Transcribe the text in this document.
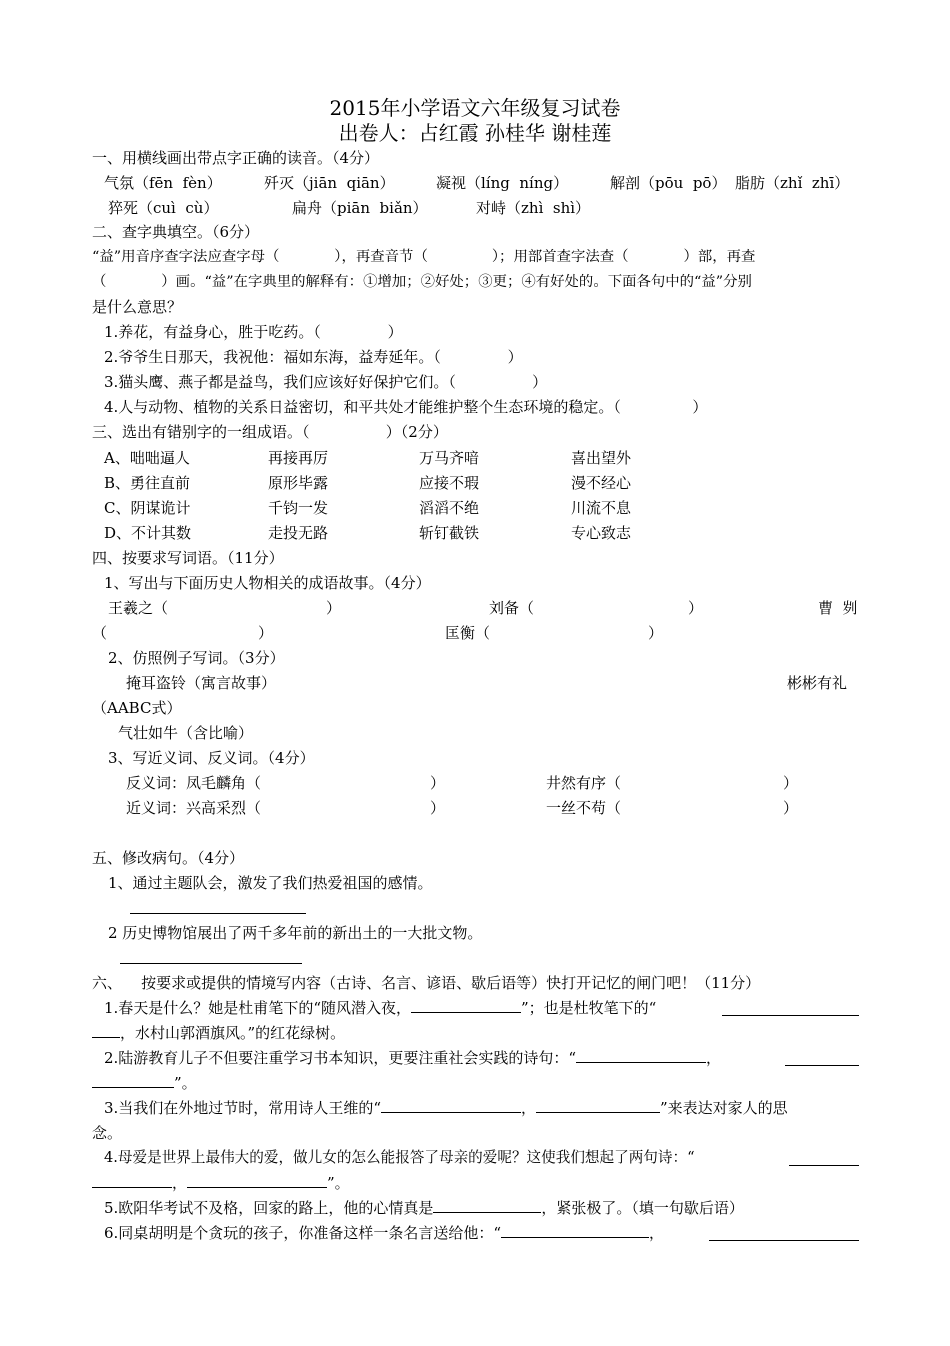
2015年小学语文六年级复习试卷
出卷人：占红霞 孙桂华 谢桂莲
一、用横线画出带点字正确的读音。（4分）
气氛（fēn  fèn）	歼灭（jiān  qiān）	凝视（líng  níng）	解剖（pōu  pō） 脂肪（zhǐ  zhī）
猝死（cuì  cù）	扁舟（piān  biǎn）	对峙（zhì  shì）
二、查字典填空。（6分）
“益”用音序查字法应查字母（            ），再查音节（              ）；用部首查字法查（            ）部，再查
（            ）画。“益”在字典里的解释有：①增加；②好处；③更；④有好处的。下面各句中的“益”分别
是什么意思？
1.养花，有益身心，胜于吃药。（              ）
2.爷爷生日那天，我祝他：福如东海，益寿延年。（              ）
3.猫头鹰、燕子都是益鸟，我们应该好好保护它们。（                ）
4.人与动物、植物的关系日益密切，和平共处才能维护整个生态环境的稳定。（               ）
三、选出有错别字的一组成语。（                ）（2分）
A、咄咄逼人	再接再厉	万马齐喑	喜出望外
B、勇往直前	原形毕露	应接不瑕	漫不经心
C、阴谋诡计	千钧一发	滔滔不绝	川流不息
D、不计其数	走投无路	斩钉截铁	专心致志
四、按要求写词语。（11分）
1、写出与下面历史人物相关的成语故事。（4分）
王羲之（	）	刘备（	）	曹  刿
（	）	匡衡（	）
2、仿照例子写词。（3分）
掩耳盗铃（寓言故事）	彬彬有礼
（AABC式）
气壮如牛（含比喻）
3、写近义词、反义词。（4分）
反义词：凤毛麟角（	）	井然有序（	）
近义词：兴高采烈（	）	一丝不苟（	）
五、修改病句。（4分）
1、通过主题队会，激发了我们热爱祖国的感情。
2 历史博物馆展出了两千多年前的新出土的一大批文物。
六、    按要求或提供的情境写内容（古诗、名言、谚语、歇后语等）快打开记忆的闸门吧！（11分）
1.春天是什么？她是杜甫笔下的“随风潜入夜，	”；也是杜牧笔下的“
，水村山郭酒旗风。”的红花绿树。
2.陆游教育儿子不但要注重学习书本知识，更要注重社会实践的诗句：“	，
”。
3.当我们在外地过节时，常用诗人王维的“	，	”来表达对家人的思
念。
4.母爱是世界上最伟大的爱，做儿女的怎么能报答了母亲的爱呢？这使我们想起了两句诗：“
，	”。
5.欧阳华考试不及格，回家的路上，他的心情真是	，紧张极了。（填一句歇后语）
6.同桌胡明是个贪玩的孩子，你准备这样一条名言送给他：“	，
